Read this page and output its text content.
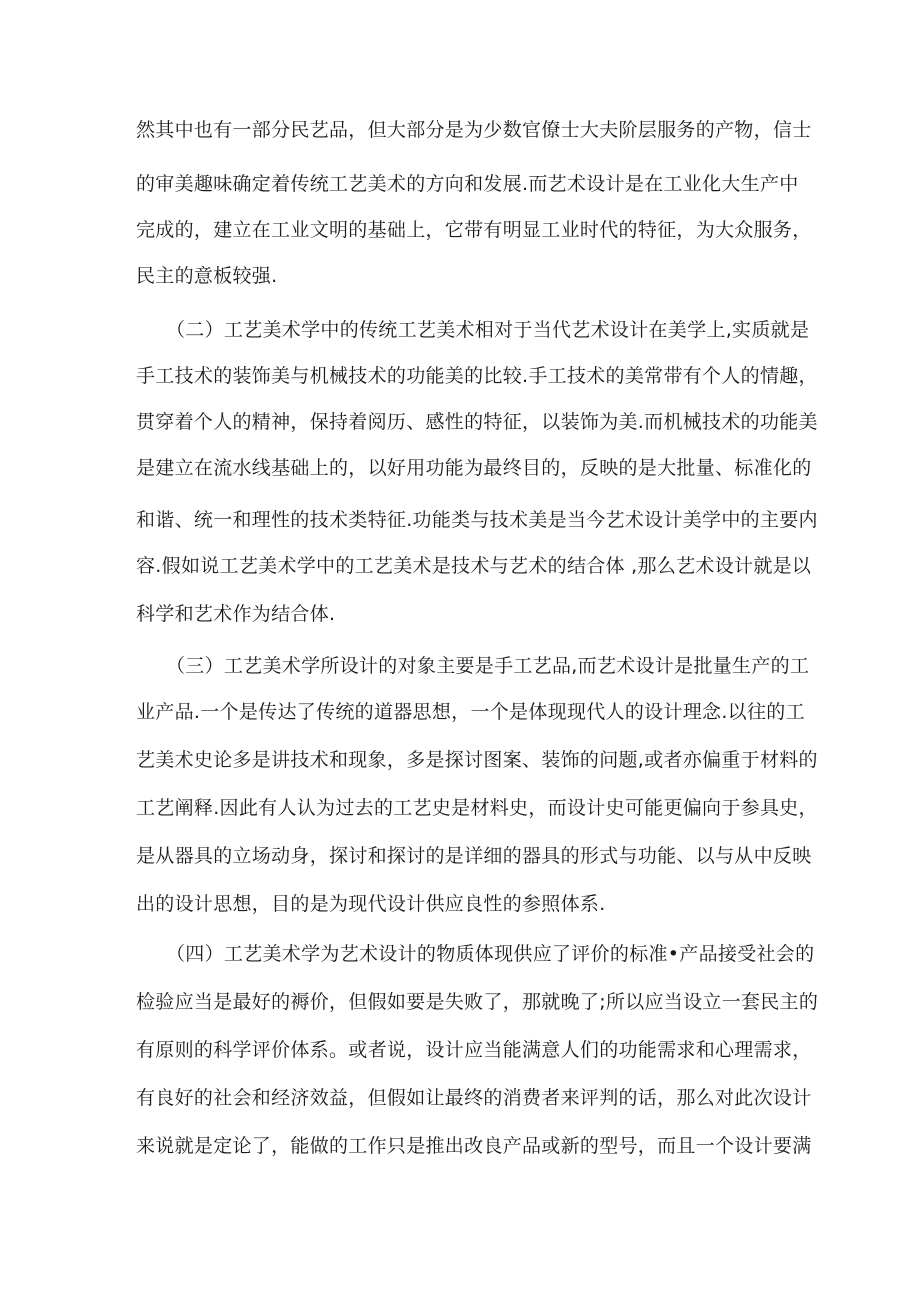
然其中也有一部分民艺品，但大部分是为少数官僚士大夫阶层服务的产物，信士
的审美趣味确定着传统工艺美术的方向和发展.而艺术设计是在工业化大生产中
完成的，建立在工业文明的基础上，它带有明显工业时代的特征，为大众服务，
民主的意板较强.
（二）工艺美术学中的传统工艺美术相对于当代艺术设计在美学上,实质就是
手工技术的装饰美与机械技术的功能美的比较.手工技术的美常带有个人的情趣，
贯穿着个人的精神，保持着阅历、感性的特征，以装饰为美.而机械技术的功能美
是建立在流水线基础上的，以好用功能为最终目的，反映的是大批量、标准化的
和谐、统一和理性的技术类特征.功能类与技术美是当今艺术设计美学中的主要内
容.假如说工艺美术学中的工艺美术是技术与艺术的结合体 ,那么艺术设计就是以
科学和艺术作为结合体.
（三）工艺美术学所设计的对象主要是手工艺品,而艺术设计是批量生产的工
业产品.一个是传达了传统的道器思想，一个是体现现代人的设计理念.以往的工
艺美术史论多是讲技术和现象，多是探讨图案、装饰的问题,或者亦偏重于材料的
工艺阐释.因此有人认为过去的工艺史是材料史，而设计史可能更偏向于参具史，
是从器具的立场动身，探讨和探讨的是详细的器具的形式与功能、以与从中反映
出的设计思想，目的是为现代设计供应良性的参照体系.
（四）工艺美术学为艺术设计的物质体现供应了评价的标准•产品接受社会的
检验应当是最好的褥价，但假如要是失败了，那就晚了;所以应当设立一套民主的
有原则的科学评价体系。或者说，设计应当能满意人们的功能需求和心理需求，
有良好的社会和经济效益，但假如让最终的消费者来评判的话，那么对此次设计
来说就是定论了，能做的工作只是推出改良产品或新的型号，而且一个设计要满
